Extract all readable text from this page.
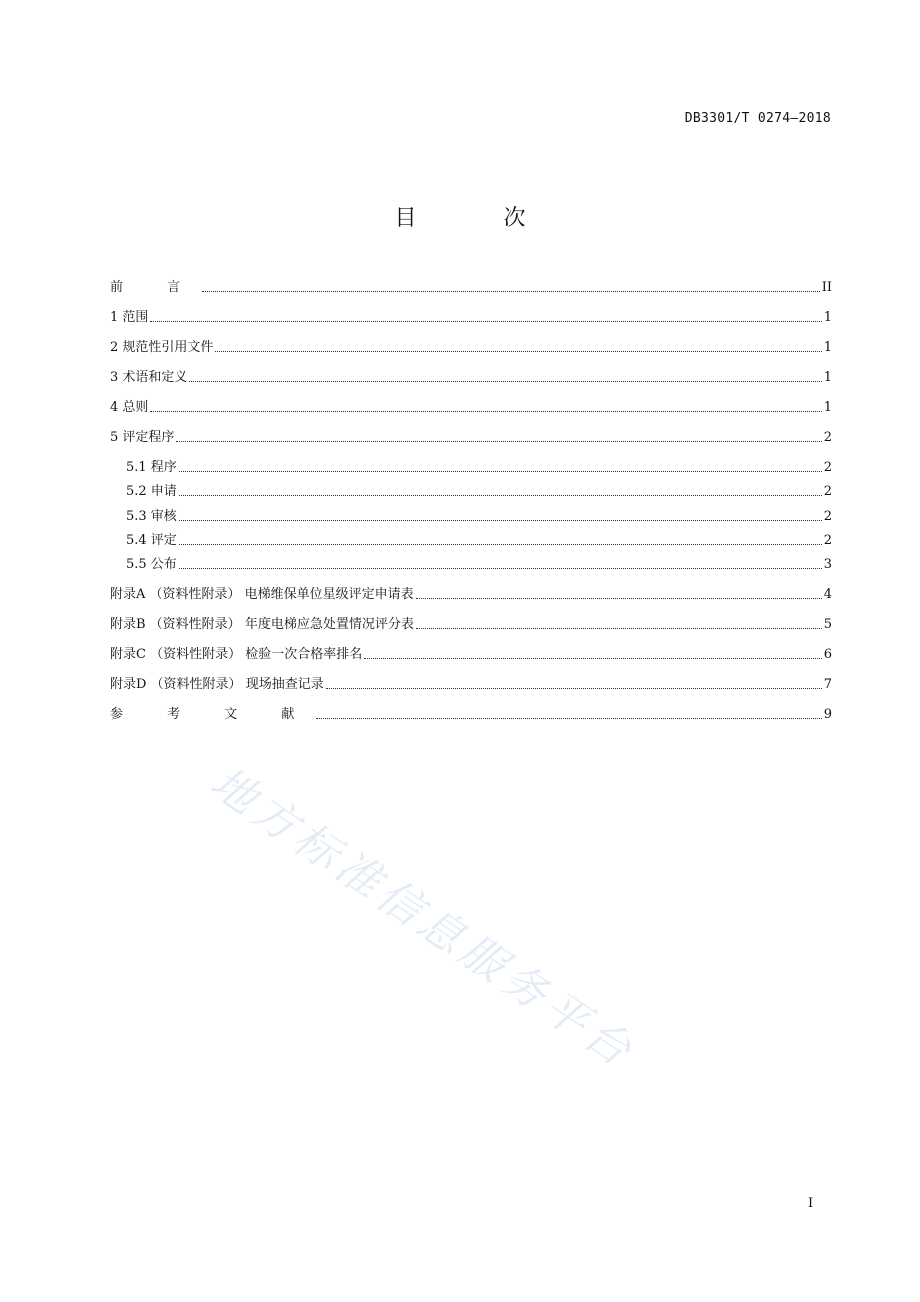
DB3301/T 0274—2018
目 次
前 言	II
1 范围	1
2 规范性引用文件	1
3 术语和定义	1
4 总则	1
5 评定程序	2
5.1 程序	2
5.2 申请	2
5.3 审核	2
5.4 评定	2
5.5 公布	3
附录A （资料性附录） 电梯维保单位星级评定申请表	4
附录B （资料性附录） 年度电梯应急处置情况评分表	5
附录C （资料性附录） 检验一次合格率排名	6
附录D （资料性附录） 现场抽查记录	7
参 考 文 献	9
地方标准信息服务平台
I
